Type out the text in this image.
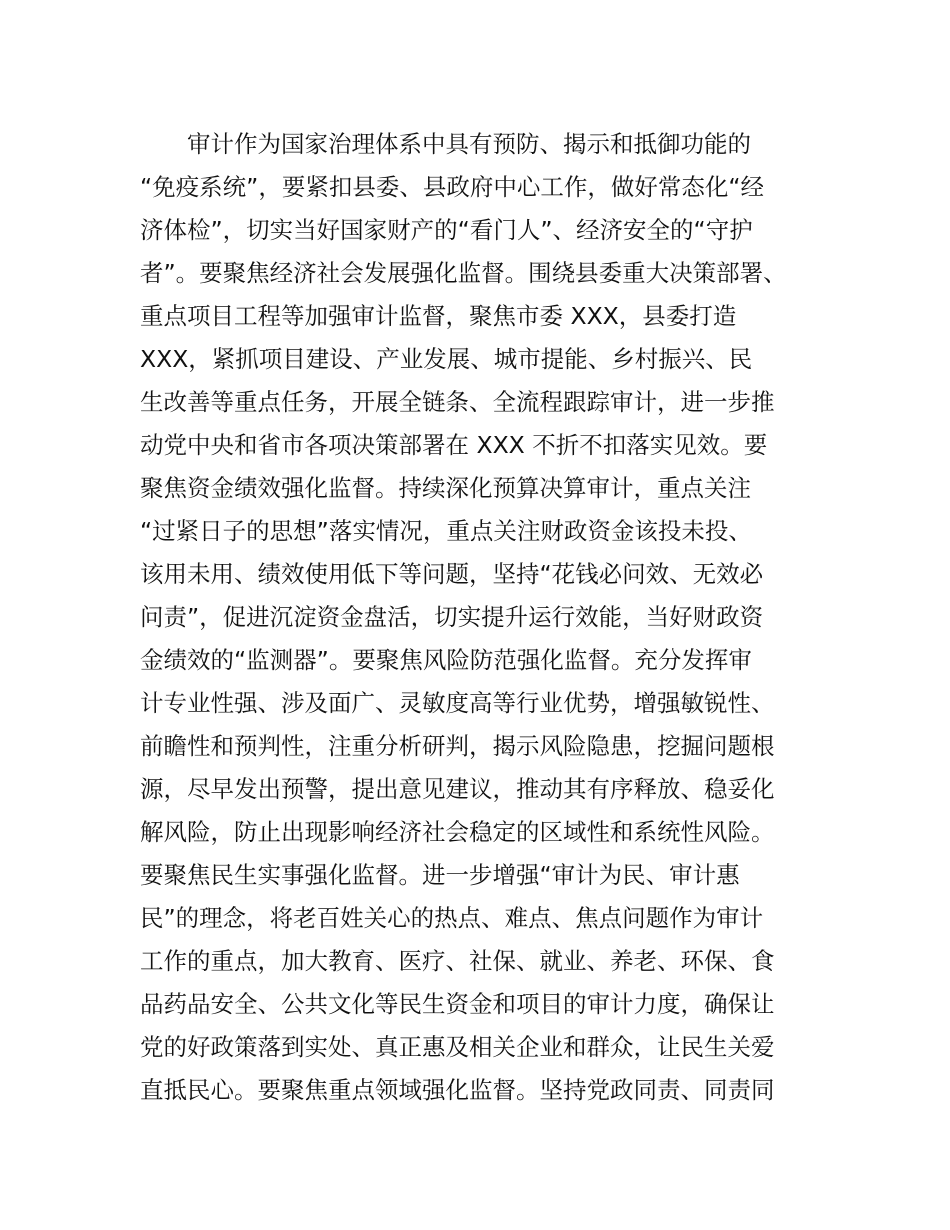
　　审计作为国家治理体系中具有预防、揭示和抵御功能的
“免疫系统”，要紧扣县委、县政府中心工作，做好常态化“经
济体检”，切实当好国家财产的“看门人”、经济安全的“守护
者”。要聚焦经济社会发展强化监督。围绕县委重大决策部署、
重点项目工程等加强审计监督，聚焦市委 XXX，县委打造
XXX，紧抓项目建设、产业发展、城市提能、乡村振兴、民
生改善等重点任务，开展全链条、全流程跟踪审计，进一步推
动党中央和省市各项决策部署在 XXX 不折不扣落实见效。要
聚焦资金绩效强化监督。持续深化预算决算审计，重点关注
“过紧日子的思想”落实情况，重点关注财政资金该投未投、
该用未用、绩效使用低下等问题，坚持“花钱必问效、无效必
问责”，促进沉淀资金盘活，切实提升运行效能，当好财政资
金绩效的“监测器”。要聚焦风险防范强化监督。充分发挥审
计专业性强、涉及面广、灵敏度高等行业优势，增强敏锐性、
前瞻性和预判性，注重分析研判，揭示风险隐患，挖掘问题根
源，尽早发出预警，提出意见建议，推动其有序释放、稳妥化
解风险，防止出现影响经济社会稳定的区域性和系统性风险。
要聚焦民生实事强化监督。进一步增强“审计为民、审计惠
民”的理念，将老百姓关心的热点、难点、焦点问题作为审计
工作的重点，加大教育、医疗、社保、就业、养老、环保、食
品药品安全、公共文化等民生资金和项目的审计力度，确保让
党的好政策落到实处、真正惠及相关企业和群众，让民生关爱
直抵民心。要聚焦重点领域强化监督。坚持党政同责、同责同
